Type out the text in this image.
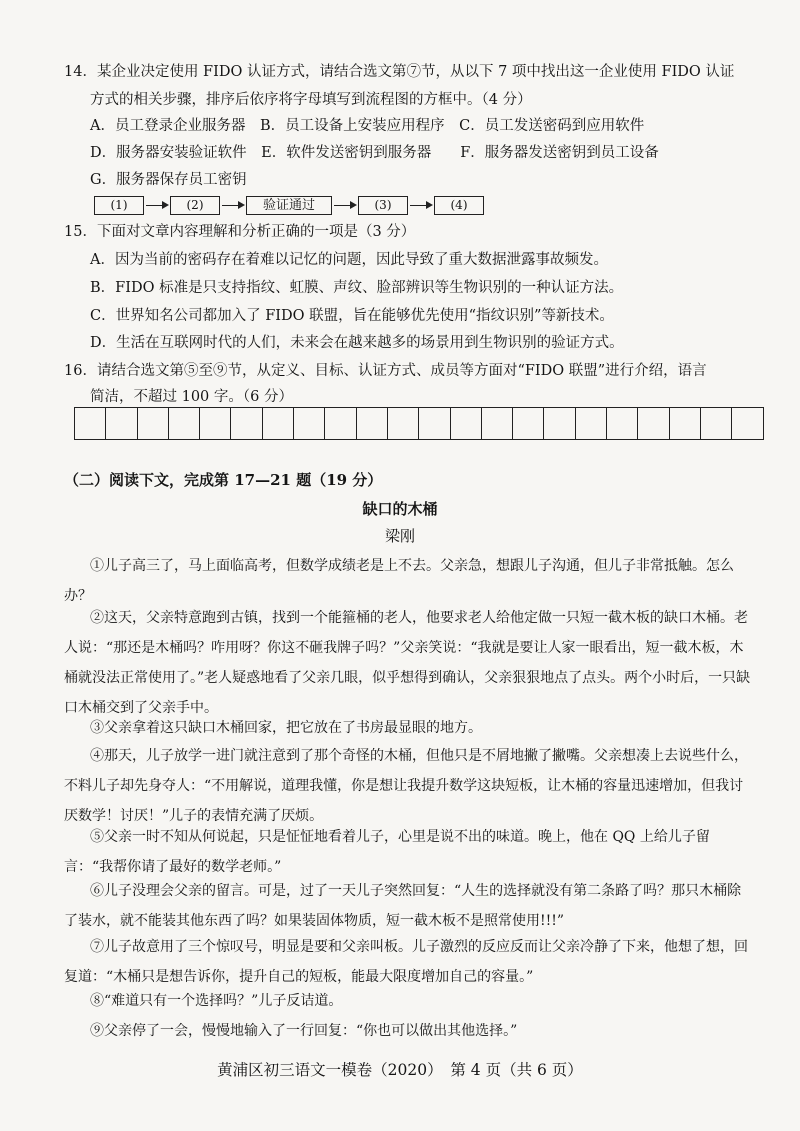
14．某企业决定使用 FIDO 认证方式，请结合选文第⑦节，从以下 7 项中找出这一企业使用 FIDO 认证
方式的相关步骤，排序后依序将字母填写到流程图的方框中。（4 分）
A．员工登录企业服务器　B．员工设备上安装应用程序　C．员工发送密码到应用软件
D．服务器安装验证软件　E．软件发送密钥到服务器　　F．服务器发送密钥到员工设备
G．服务器保存员工密钥
(1)	(2)	验证通过	(3)	(4)
15．下面对文章内容理解和分析正确的一项是（3 分）
A．因为当前的密码存在着难以记忆的问题，因此导致了重大数据泄露事故频发。
B．FIDO 标准是只支持指纹、虹膜、声纹、脸部辨识等生物识别的一种认证方法。
C．世界知名公司都加入了 FIDO 联盟，旨在能够优先使用“指纹识别”等新技术。
D．生活在互联网时代的人们，未来会在越来越多的场景用到生物识别的验证方式。
16．请结合选文第⑤至⑨节，从定义、目标、认证方式、成员等方面对“FIDO 联盟”进行介绍，语言
简洁，不超过 100 字。（6 分）
（二）阅读下文，完成第 17—21 题（19 分）
缺口的木桶
梁刚
①儿子高三了，马上面临高考，但数学成绩老是上不去。父亲急，想跟儿子沟通，但儿子非常抵触。怎么办？
②这天，父亲特意跑到古镇，找到一个能箍桶的老人，他要求老人给他定做一只短一截木板的缺口木桶。老人说：“那还是木桶吗？咋用呀？你这不砸我牌子吗？”父亲笑说：“我就是要让人家一眼看出，短一截木板，木桶就没法正常使用了。”老人疑惑地看了父亲几眼，似乎想得到确认，父亲狠狠地点了点头。两个小时后，一只缺口木桶交到了父亲手中。
③父亲拿着这只缺口木桶回家，把它放在了书房最显眼的地方。
④那天，儿子放学一进门就注意到了那个奇怪的木桶，但他只是不屑地撇了撇嘴。父亲想凑上去说些什么，不料儿子却先身夺人：“不用解说，道理我懂，你是想让我提升数学这块短板，让木桶的容量迅速增加，但我讨厌数学！讨厌！”儿子的表情充满了厌烦。
⑤父亲一时不知从何说起，只是怔怔地看着儿子，心里是说不出的味道。晚上，他在 QQ 上给儿子留言：“我帮你请了最好的数学老师。”
⑥儿子没理会父亲的留言。可是，过了一天儿子突然回复：“人生的选择就没有第二条路了吗？那只木桶除了装水，就不能装其他东西了吗？如果装固体物质，短一截木板不是照常使用!!!”
⑦儿子故意用了三个惊叹号，明显是要和父亲叫板。儿子激烈的反应反而让父亲冷静了下来，他想了想，回复道：“木桶只是想告诉你，提升自己的短板，能最大限度增加自己的容量。”
⑧“难道只有一个选择吗？”儿子反诘道。
⑨父亲停了一会，慢慢地输入了一行回复：“你也可以做出其他选择。”
黄浦区初三语文一模卷（2020）　第 4 页（共 6 页）
